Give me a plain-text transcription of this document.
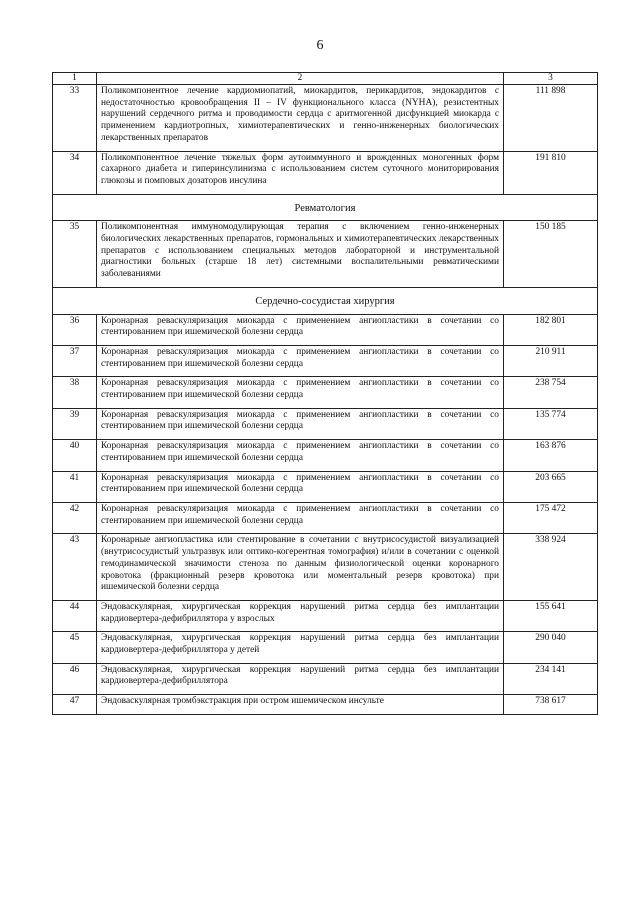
6
1	2	3
33	Поликомпонентное лечение кардиомиопатий, миокардитов, перикардитов, эндокардитов с недостаточностью кровообращения II – IV функционального класса (NYHA), резистентных нарушений сердечного ритма и проводимости сердца с аритмогенной дисфункцией миокарда с применением кардиотропных, химиотерапевтических и генно-инженерных биологических лекарственных препаратов	111 898
34	Поликомпонентное лечение тяжелых форм аутоиммунного и врожденных моногенных форм сахарного диабета и гиперинсулинизма с использованием систем суточного мониторирования глюкозы и помповых дозаторов инсулина	191 810
Ревматология		
35	Поликомпонентная иммуномодулирующая терапия с включением генно-инженерных биологических лекарственных препаратов, гормональных и химиотерапевтических лекарственных препаратов с использованием специальных методов лабораторной и инструментальной диагностики больных (старше 18 лет) системными воспалительными ревматическими заболеваниями	150 185
Сердечно-сосудистая хирургия		
36	Коронарная реваскуляризация миокарда с применением ангиопластики в сочетании со стентированием при ишемической болезни сердца	182 801
37	Коронарная реваскуляризация миокарда с применением ангиопластики в сочетании со стентированием при ишемической болезни сердца	210 911
38	Коронарная реваскуляризация миокарда с применением ангиопластики в сочетании со стентированием при ишемической болезни сердца	238 754
39	Коронарная реваскуляризация миокарда с применением ангиопластики в сочетании со стентированием при ишемической болезни сердца	135 774
40	Коронарная реваскуляризация миокарда с применением ангиопластики в сочетании со стентированием при ишемической болезни сердца	163 876
41	Коронарная реваскуляризация миокарда с применением ангиопластики в сочетании со стентированием при ишемической болезни сердца	203 665
42	Коронарная реваскуляризация миокарда с применением ангиопластики в сочетании со стентированием при ишемической болезни сердца	175 472
43	Коронарные ангиопластика или стентирование в сочетании с внутрисосудистой визуализацией (внутрисосудистый ультразвук или оптико-когерентная томография) и/или в сочетании с оценкой гемодинамической значимости стеноза по данным физиологической оценки коронарного кровотока (фракционный резерв кровотока или моментальный резерв кровотока) при ишемической болезни сердца	338 924
44	Эндоваскулярная, хирургическая коррекция нарушений ритма сердца без имплантации кардиовертера-дефибриллятора у взрослых	155 641
45	Эндоваскулярная, хирургическая коррекция нарушений ритма сердца без имплантации кардиовертера-дефибриллятора у детей	290 040
46	Эндоваскулярная, хирургическая коррекция нарушений ритма сердца без имплантации кардиовертера-дефибриллятора	234 141
47	Эндоваскулярная тромбэкстракция при остром ишемическом инсульте	738 617
